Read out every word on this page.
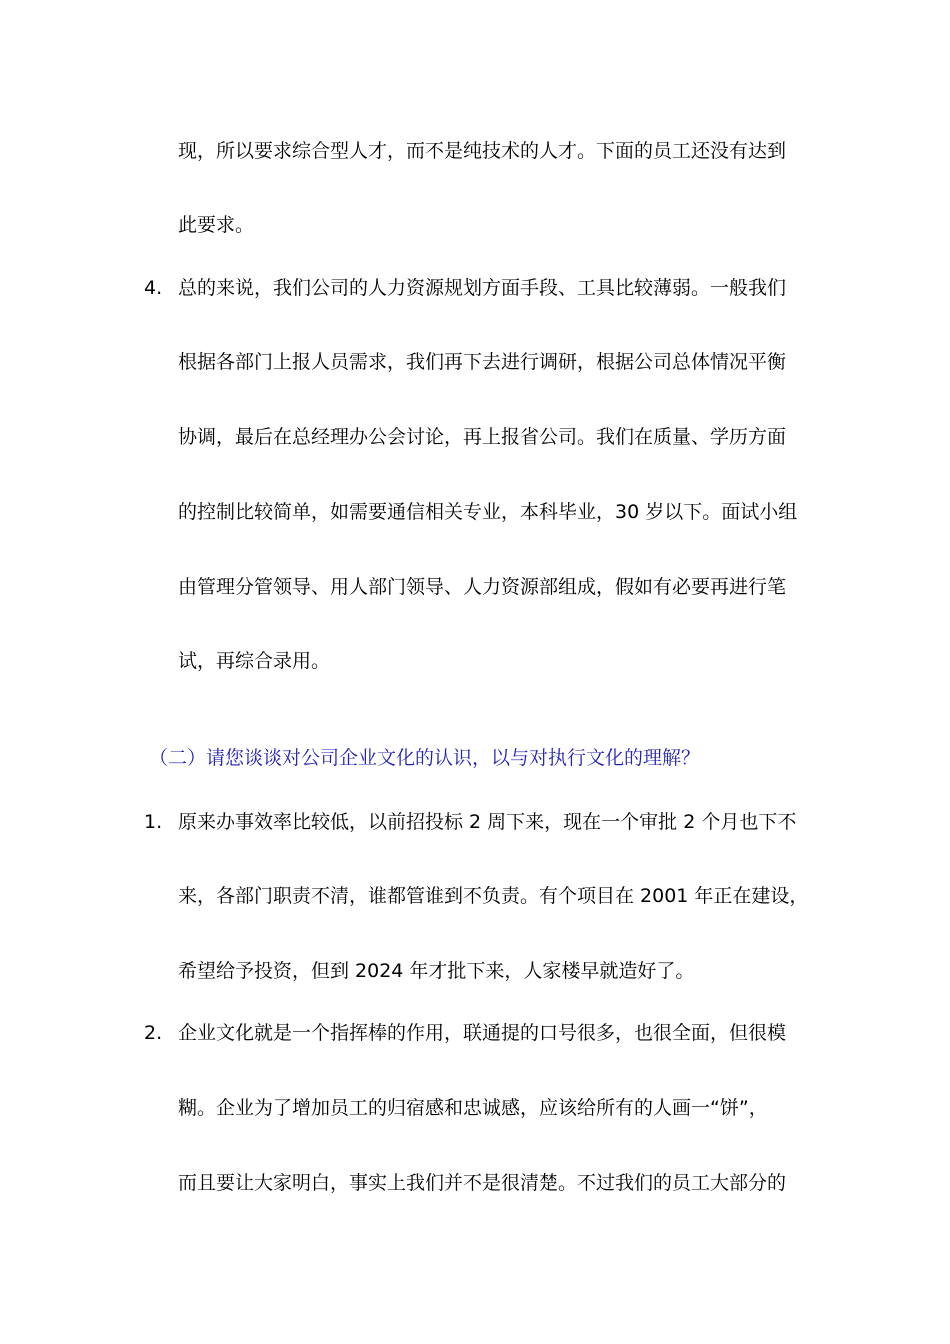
现，所以要求综合型人才，而不是纯技术的人才。下面的员工还没有达到
此要求。
4. 总的来说，我们公司的人力资源规划方面手段、工具比较薄弱。一般我们
根据各部门上报人员需求，我们再下去进行调研，根据公司总体情况平衡
协调，最后在总经理办公会讨论，再上报省公司。我们在质量、学历方面
的控制比较简单，如需要通信相关专业，本科毕业，30 岁以下。面试小组
由管理分管领导、用人部门领导、人力资源部组成，假如有必要再进行笔
试，再综合录用。
（二）请您谈谈对公司企业文化的认识，以与对执行文化的理解？
1. 原来办事效率比较低，以前招投标 2 周下来，现在一个审批 2 个月也下不
来，各部门职责不清，谁都管谁到不负责。有个项目在 2001 年正在建设，
希望给予投资，但到 2024 年才批下来，人家楼早就造好了。
2. 企业文化就是一个指挥棒的作用，联通提的口号很多，也很全面，但很模
糊。企业为了增加员工的归宿感和忠诚感，应该给所有的人画一“饼”，
而且要让大家明白，事实上我们并不是很清楚。不过我们的员工大部分的
